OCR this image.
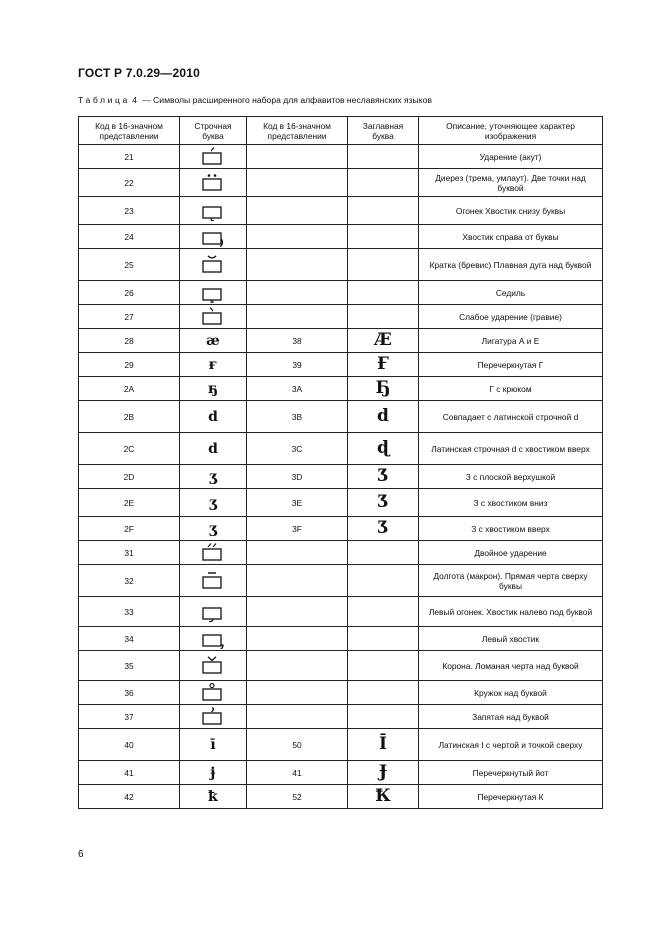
ГОСТ Р 7.0.29—2010
Таблица 4 — Символы расширенного набора для алфавитов неславянских языков
Код в 16-значном представлении	Строчная буква	Код в 16-значном представлении	Заглавная буква	Описание, уточняющее характер изображения
21				Ударение (акут)
22				Диерез (трема, умлаут). Две точки над буквой
23				Огонек Хвостик снизу буквы
24				Хвостик справа от буквы
25				Кратка (бревис) Плавная дуга над буквой
26				Седиль
27				Слабое ударение (гравие)
28	æ	38	Æ	Лигатура А и Е
29	ғ	39	Ғ	Перечеркнутая Г
2A	ҕ	3A	Ҕ	Г с крюком
2B	d	3B	d	Совпадает с латинской строчной d
2C	d	3C	ɖ	Латинская строчная d с хвостиком вверх
2D	ʒ	3D	Ʒ	З с плоской верхушкой
2E	ʒ	3E	Ʒ	З с хвостиком вниз
2F	ʒ	3F	Ʒ	З с хвостиком вверх
31				Двойное ударение
32				Долгота (макрон). Прямая черта сверху буквы
33				Левый огонек. Хвостик налево под буквой
34				Левый хвостик
35				Корона. Ломаная черта над буквой
36				Кружок над буквой
37				Запятая над буквой
40	ī	50	Ī	Латинская I с чертой и точкой сверху
41	ɉ	41	Ɉ	Перечеркнутый йот
42	ҟ	52	Ҟ	Перечеркнутая К
6
